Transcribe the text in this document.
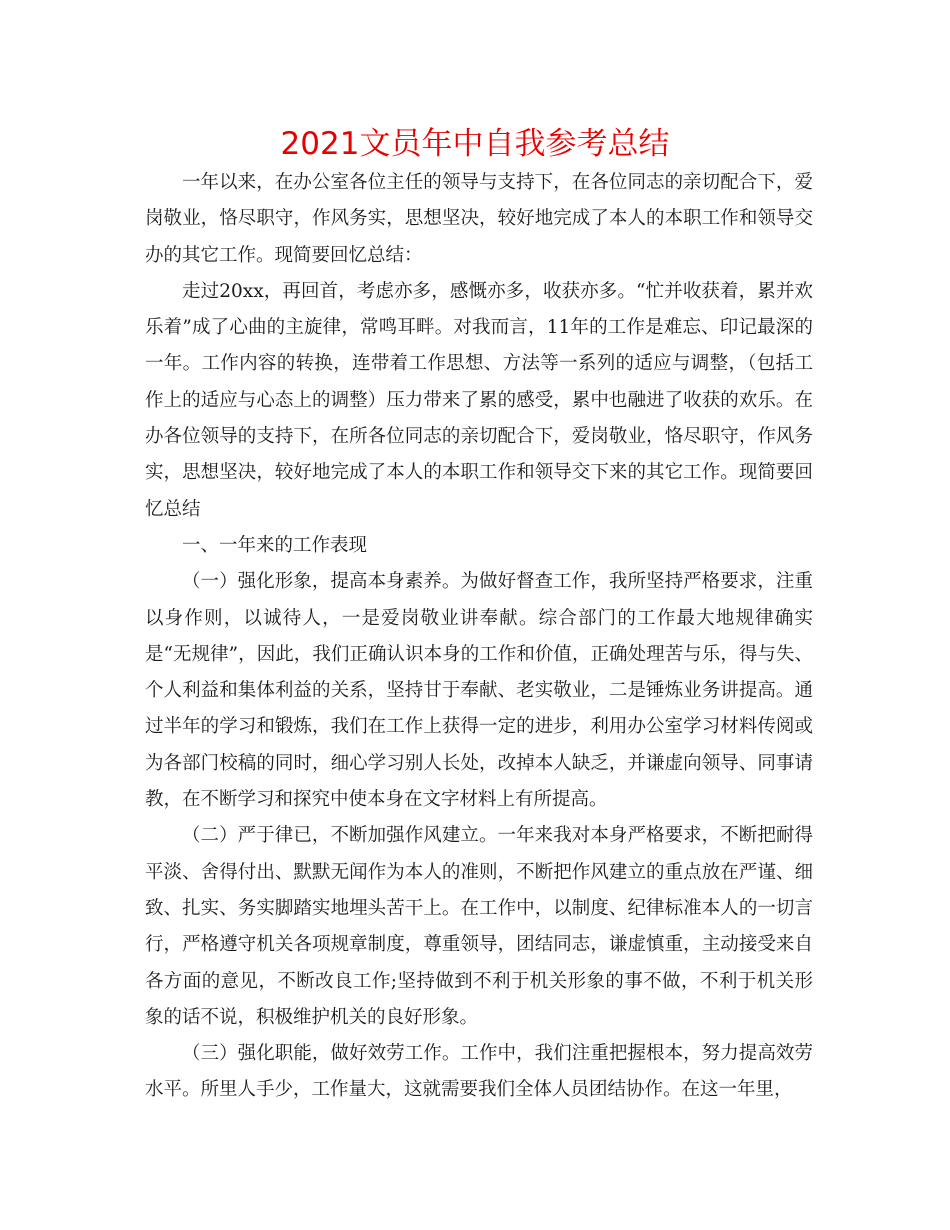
2021文员年中自我参考总结

一年以来，在办公室各位主任的领导与支持下，在各位同志的亲切配合下，爱岗敬业，恪尽职守，作风务实，思想坚决，较好地完成了本人的本职工作和领导交办的其它工作。现简要回忆总结：

走过20xx，再回首，考虑亦多，感慨亦多，收获亦多。“忙并收获着，累并欢乐着”成了心曲的主旋律，常鸣耳畔。对我而言，11年的工作是难忘、印记最深的一年。工作内容的转换，连带着工作思想、方法等一系列的适应与调整，（包括工作上的适应与心态上的调整）压力带来了累的感受，累中也融进了收获的欢乐。在办各位领导的支持下，在所各位同志的亲切配合下，爱岗敬业，恪尽职守，作风务实，思想坚决，较好地完成了本人的本职工作和领导交下来的其它工作。现简要回忆总结

一、一年来的工作表现

（一）强化形象，提高本身素养。为做好督查工作，我所坚持严格要求，注重以身作则，以诚待人，一是爱岗敬业讲奉献。综合部门的工作最大地规律确实是“无规律”，因此，我们正确认识本身的工作和价值，正确处理苦与乐，得与失、个人利益和集体利益的关系，坚持甘于奉献、老实敬业，二是锤炼业务讲提高。通过半年的学习和锻炼，我们在工作上获得一定的进步，利用办公室学习材料传阅或为各部门校稿的同时，细心学习别人长处，改掉本人缺乏，并谦虚向领导、同事请教，在不断学习和探究中使本身在文字材料上有所提高。

（二）严于律已，不断加强作风建立。一年来我对本身严格要求，不断把耐得平淡、舍得付出、默默无闻作为本人的准则，不断把作风建立的重点放在严谨、细致、扎实、务实脚踏实地埋头苦干上。在工作中，以制度、纪律标准本人的一切言行，严格遵守机关各项规章制度，尊重领导，团结同志，谦虚慎重，主动接受来自各方面的意见，不断改良工作;坚持做到不利于机关形象的事不做，不利于机关形象的话不说，积极维护机关的良好形象。

（三）强化职能，做好效劳工作。工作中，我们注重把握根本，努力提高效劳水平。所里人手少，工作量大，这就需要我们全体人员团结协作。在这一年里，
